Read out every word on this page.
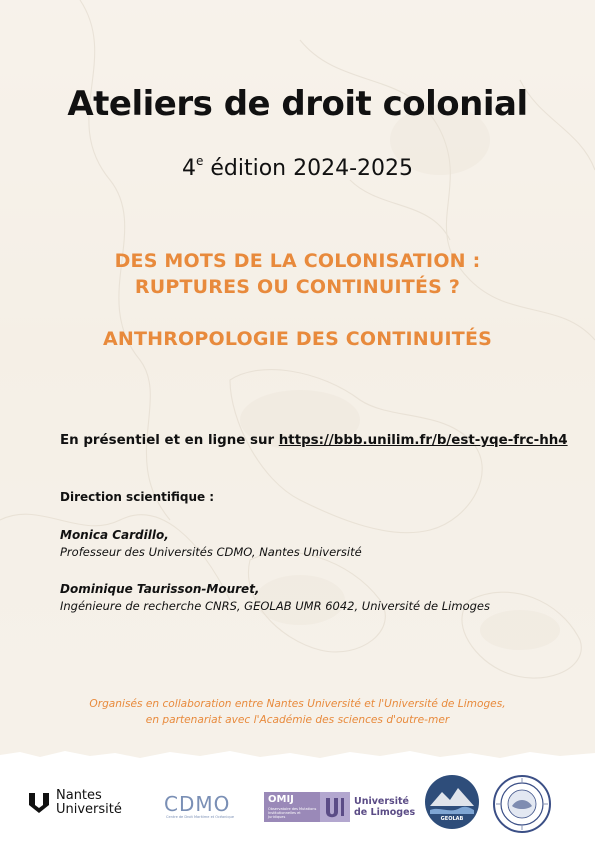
Ateliers de droit colonial
4e édition 2024-2025
DES MOTS DE LA COLONISATION :
RUPTURES OU CONTINUITÉS ?
ANTHROPOLOGIE DES CONTINUITÉS
En présentiel et en ligne sur https://bbb.unilim.fr/b/est-yqe-frc-hh4
Direction scientifique :
Monica Cardillo,
Professeur des Universités CDMO, Nantes Université
Dominique Taurisson-Mouret,
Ingénieure de recherche CNRS, GEOLAB UMR 6042, Université de Limoges
Organisés en collaboration entre Nantes Université et l'Université de Limoges,
en partenariat avec l'Académie des sciences d'outre-mer
Nantes
Université CDMO
Centre de Droit Maritime et Océanique
OMIJ
Observatoire des Mutations Institutionnelles et Juridiques
Université
de Limoges
GEOLAB
